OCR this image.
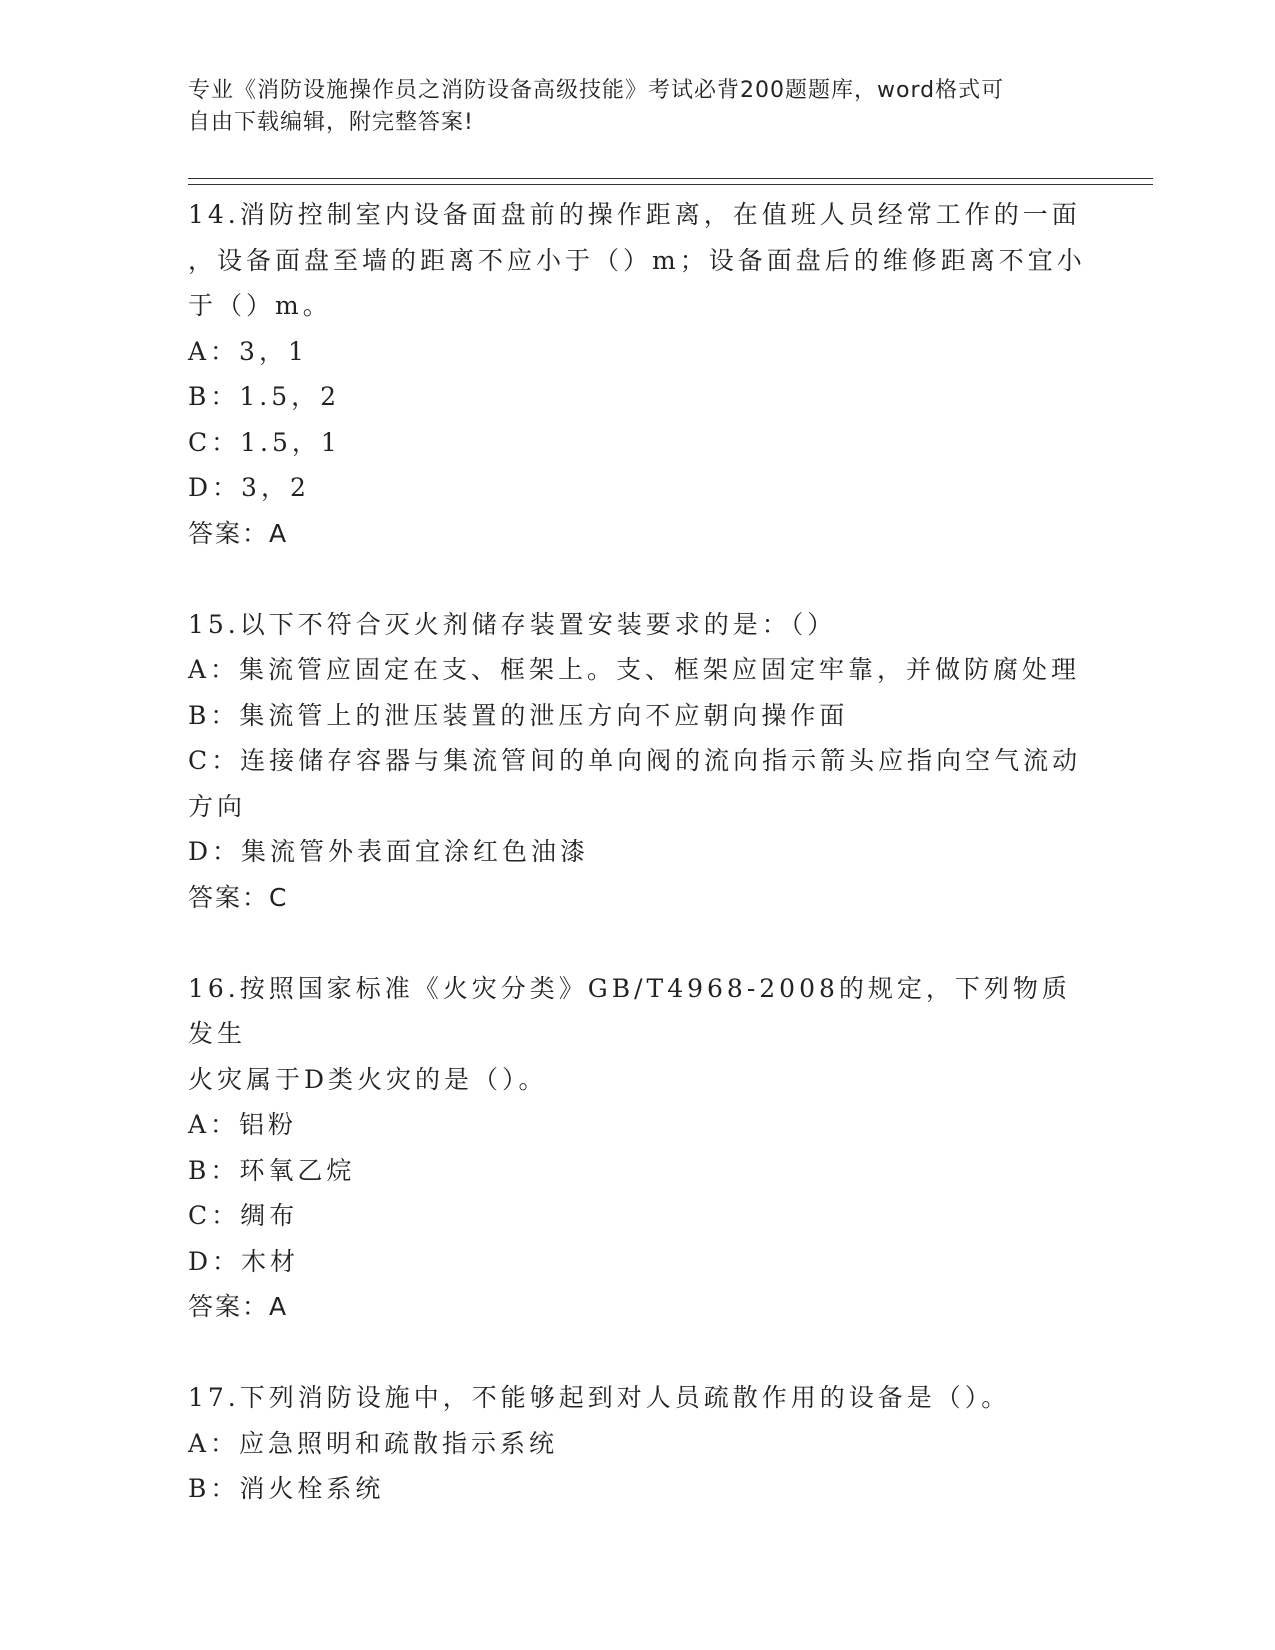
专业《消防设施操作员之消防设备高级技能》考试必背200题题库，word格式可
自由下载编辑，附完整答案!
14.消防控制室内设备面盘前的操作距离，在值班人员经常工作的一面
，设备面盘至墙的距离不应小于（）m；设备面盘后的维修距离不宜小
于（）m。
A：3，1
B：1.5，2
C：1.5，1
D：3，2
答案：A
15.以下不符合灭火剂储存装置安装要求的是：（）
A：集流管应固定在支、框架上。支、框架应固定牢靠，并做防腐处理
B：集流管上的泄压装置的泄压方向不应朝向操作面
C：连接储存容器与集流管间的单向阀的流向指示箭头应指向空气流动
方向
D：集流管外表面宜涂红色油漆
答案：C
16.按照国家标准《火灾分类》GB/T4968-2008的规定，下列物质发生
火灾属于D类火灾的是（）。
A：铝粉
B：环氧乙烷
C：绸布
D：木材
答案：A
17.下列消防设施中，不能够起到对人员疏散作用的设备是（）。
A：应急照明和疏散指示系统
B：消火栓系统
